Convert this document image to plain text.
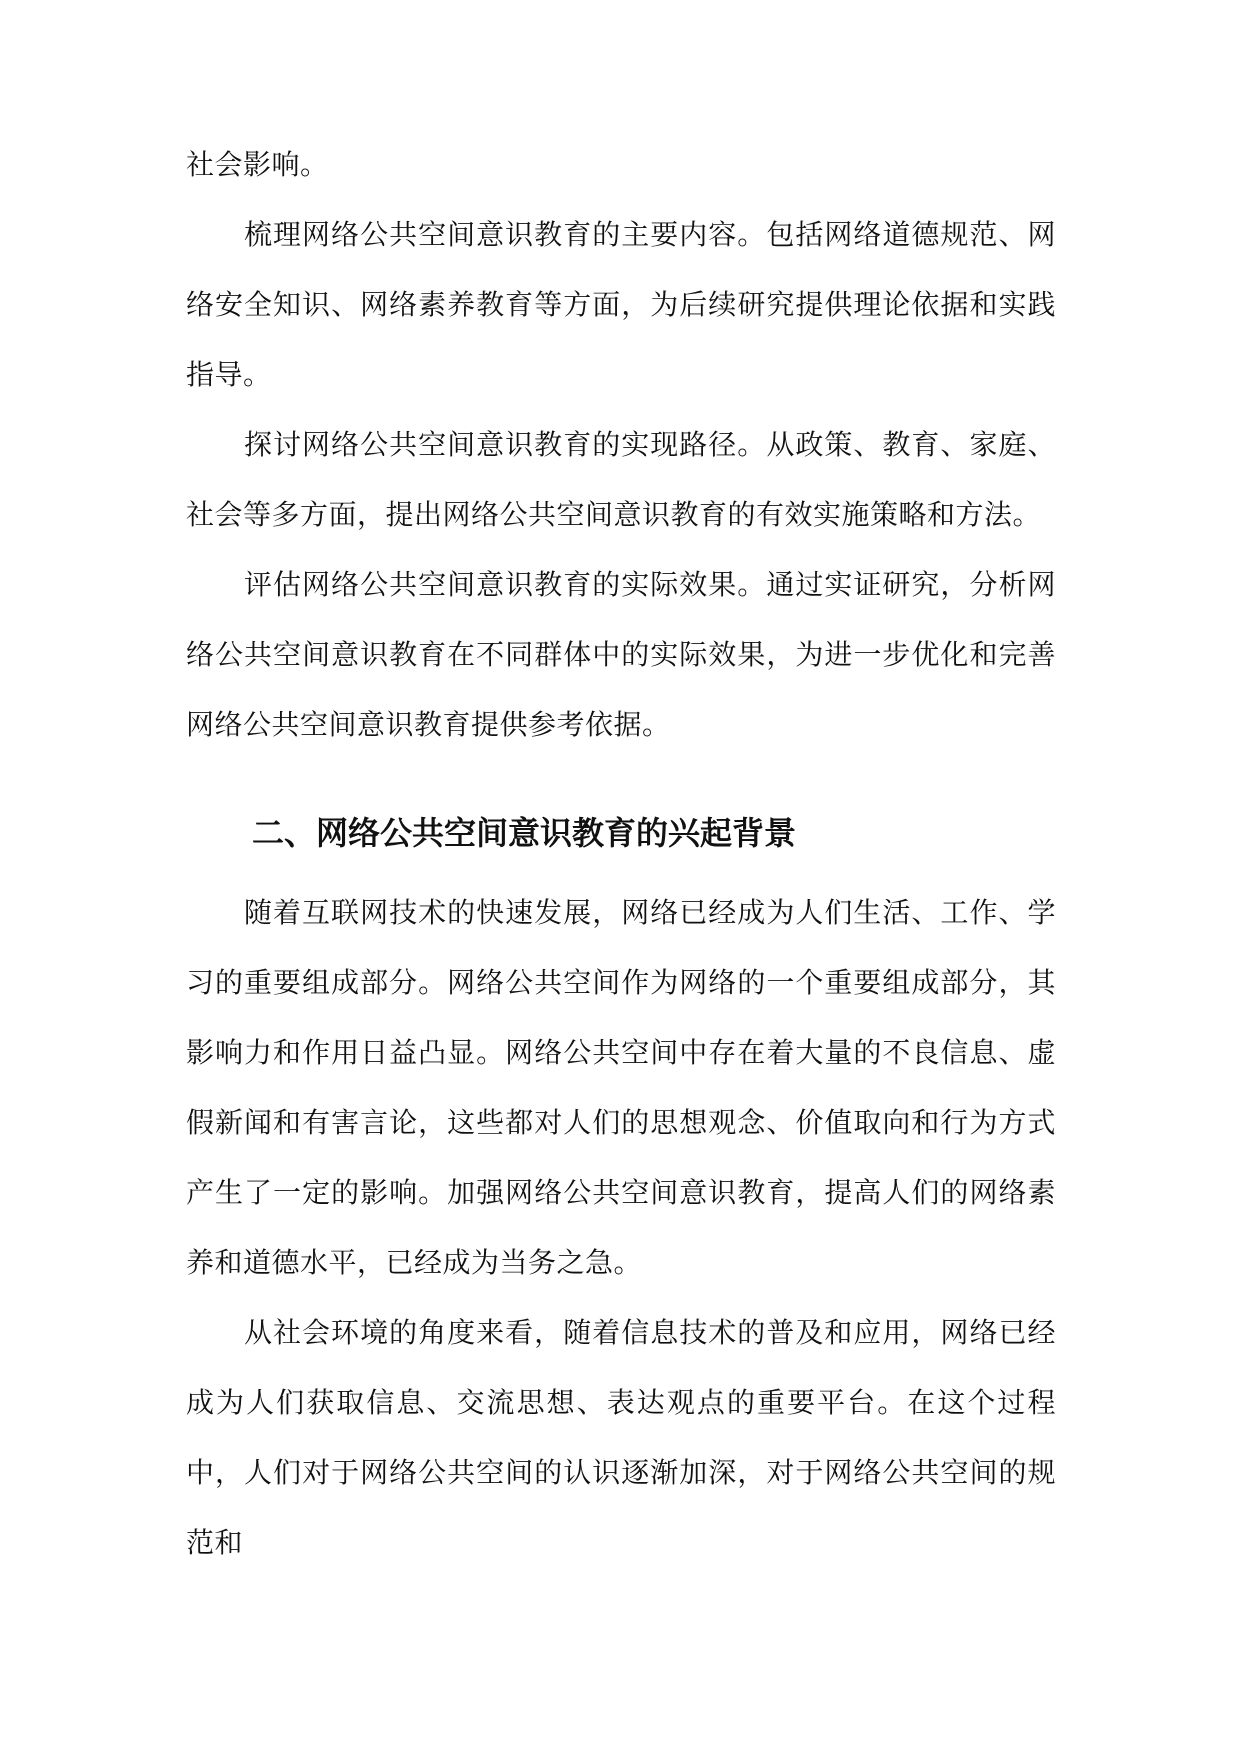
社会影响。

梳理网络公共空间意识教育的主要内容。包括网络道德规范、网络安全知识、网络素养教育等方面，为后续研究提供理论依据和实践指导。

探讨网络公共空间意识教育的实现路径。从政策、教育、家庭、社会等多方面，提出网络公共空间意识教育的有效实施策略和方法。

评估网络公共空间意识教育的实际效果。通过实证研究，分析网络公共空间意识教育在不同群体中的实际效果，为进一步优化和完善网络公共空间意识教育提供参考依据。

二、网络公共空间意识教育的兴起背景

随着互联网技术的快速发展，网络已经成为人们生活、工作、学习的重要组成部分。网络公共空间作为网络的一个重要组成部分，其影响力和作用日益凸显。网络公共空间中存在着大量的不良信息、虚假新闻和有害言论，这些都对人们的思想观念、价值取向和行为方式产生了一定的影响。加强网络公共空间意识教育，提高人们的网络素养和道德水平，已经成为当务之急。

从社会环境的角度来看，随着信息技术的普及和应用，网络已经成为人们获取信息、交流思想、表达观点的重要平台。在这个过程中，人们对于网络公共空间的认识逐渐加深，对于网络公共空间的规范和
